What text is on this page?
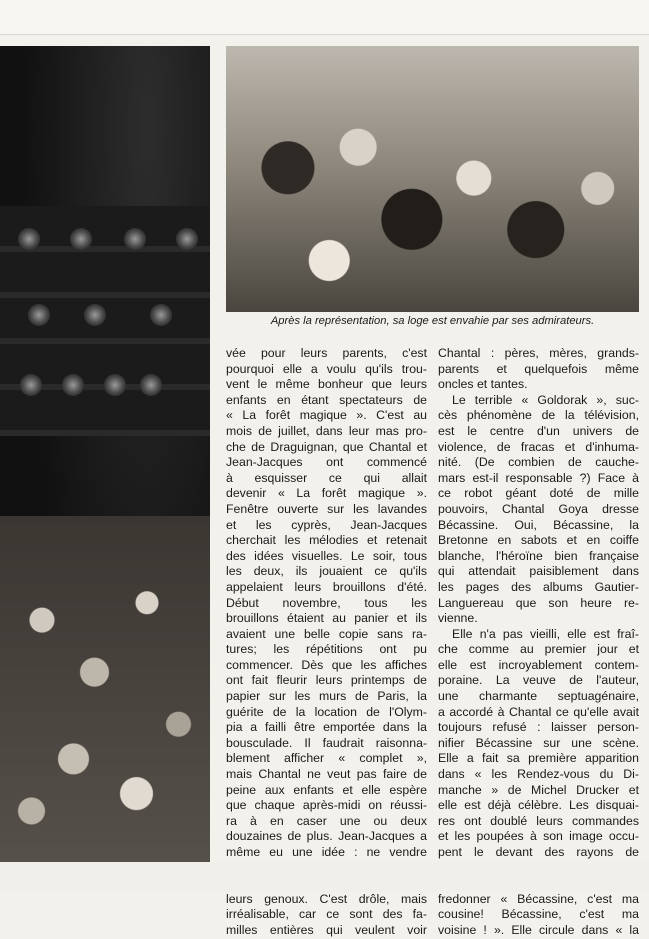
Après la représentation, sa loge est envahie par ses admirateurs.

vée pour leurs parents, c'est
pourquoi elle a voulu qu'ils trou-
vent le même bonheur que leurs
enfants en étant spectateurs de
« La forêt magique ». C'est au
mois de juillet, dans leur mas pro-
che de Draguignan, que Chantal et
Jean-Jacques ont commencé
à esquisser ce qui allait
devenir « La forêt magique ».
Fenêtre ouverte sur les lavandes
et les cyprès, Jean-Jacques
cherchait les mélodies et retenait
des idées visuelles. Le soir, tous
les deux, ils jouaient ce qu'ils
appelaient leurs brouillons d'été.
Début novembre, tous les
brouillons étaient au panier et ils
avaient une belle copie sans ra-
tures; les répétitions ont pu
commencer. Dès que les affiches
ont fait fleurir leurs printemps de
papier sur les murs de Paris, la
guérite de la location de l'Olym-
pia a failli être emportée dans la
bousculade. Il faudrait raisonna-
blement afficher « complet »,
mais Chantal ne veut pas faire de
peine aux enfants et elle espère
que chaque après-midi on réussi-
ra à en caser une ou deux
douzaines de plus. Jean-Jacques a
même eu une idée : ne vendre
leurs genoux. C'est drôle, mais
irréalisable, car ce sont des fa-
milles entières qui veulent voir

Chantal : pères, mères, grands-
parents et quelquefois même
oncles et tantes.

Le terrible « Goldorak », suc-
cès phénomène de la télévision,
est le centre d'un univers de
violence, de fracas et d'inhuma-
nité. (De combien de cauche-
mars est-il responsable ?) Face à
ce robot géant doté de mille
pouvoirs, Chantal Goya dresse
Bécassine. Oui, Bécassine, la
Bretonne en sabots et en coiffe
blanche, l'héroïne bien française
qui attendait paisiblement dans
les pages des albums Gautier-
Languereau que son heure re-
vienne.

Elle n'a pas vieilli, elle est fraî-
che comme au premier jour et
elle est incroyablement contem-
poraine. La veuve de l'auteur,
une charmante septuagénaire,
a accordé à Chantal ce qu'elle avait
toujours refusé : laisser person-
nifier Bécassine sur une scène.
Elle a fait sa première apparition
dans « les Rendez-vous du Di-
manche » de Michel Drucker et
elle est déjà célèbre. Les disquai-
res ont doublé leurs commandes
et les poupées à son image occu-
pent le devant des rayons de
fredonner « Bécassine, c'est ma
cousine! Bécassine, c'est ma
voisine ! ». Elle circule dans « la
